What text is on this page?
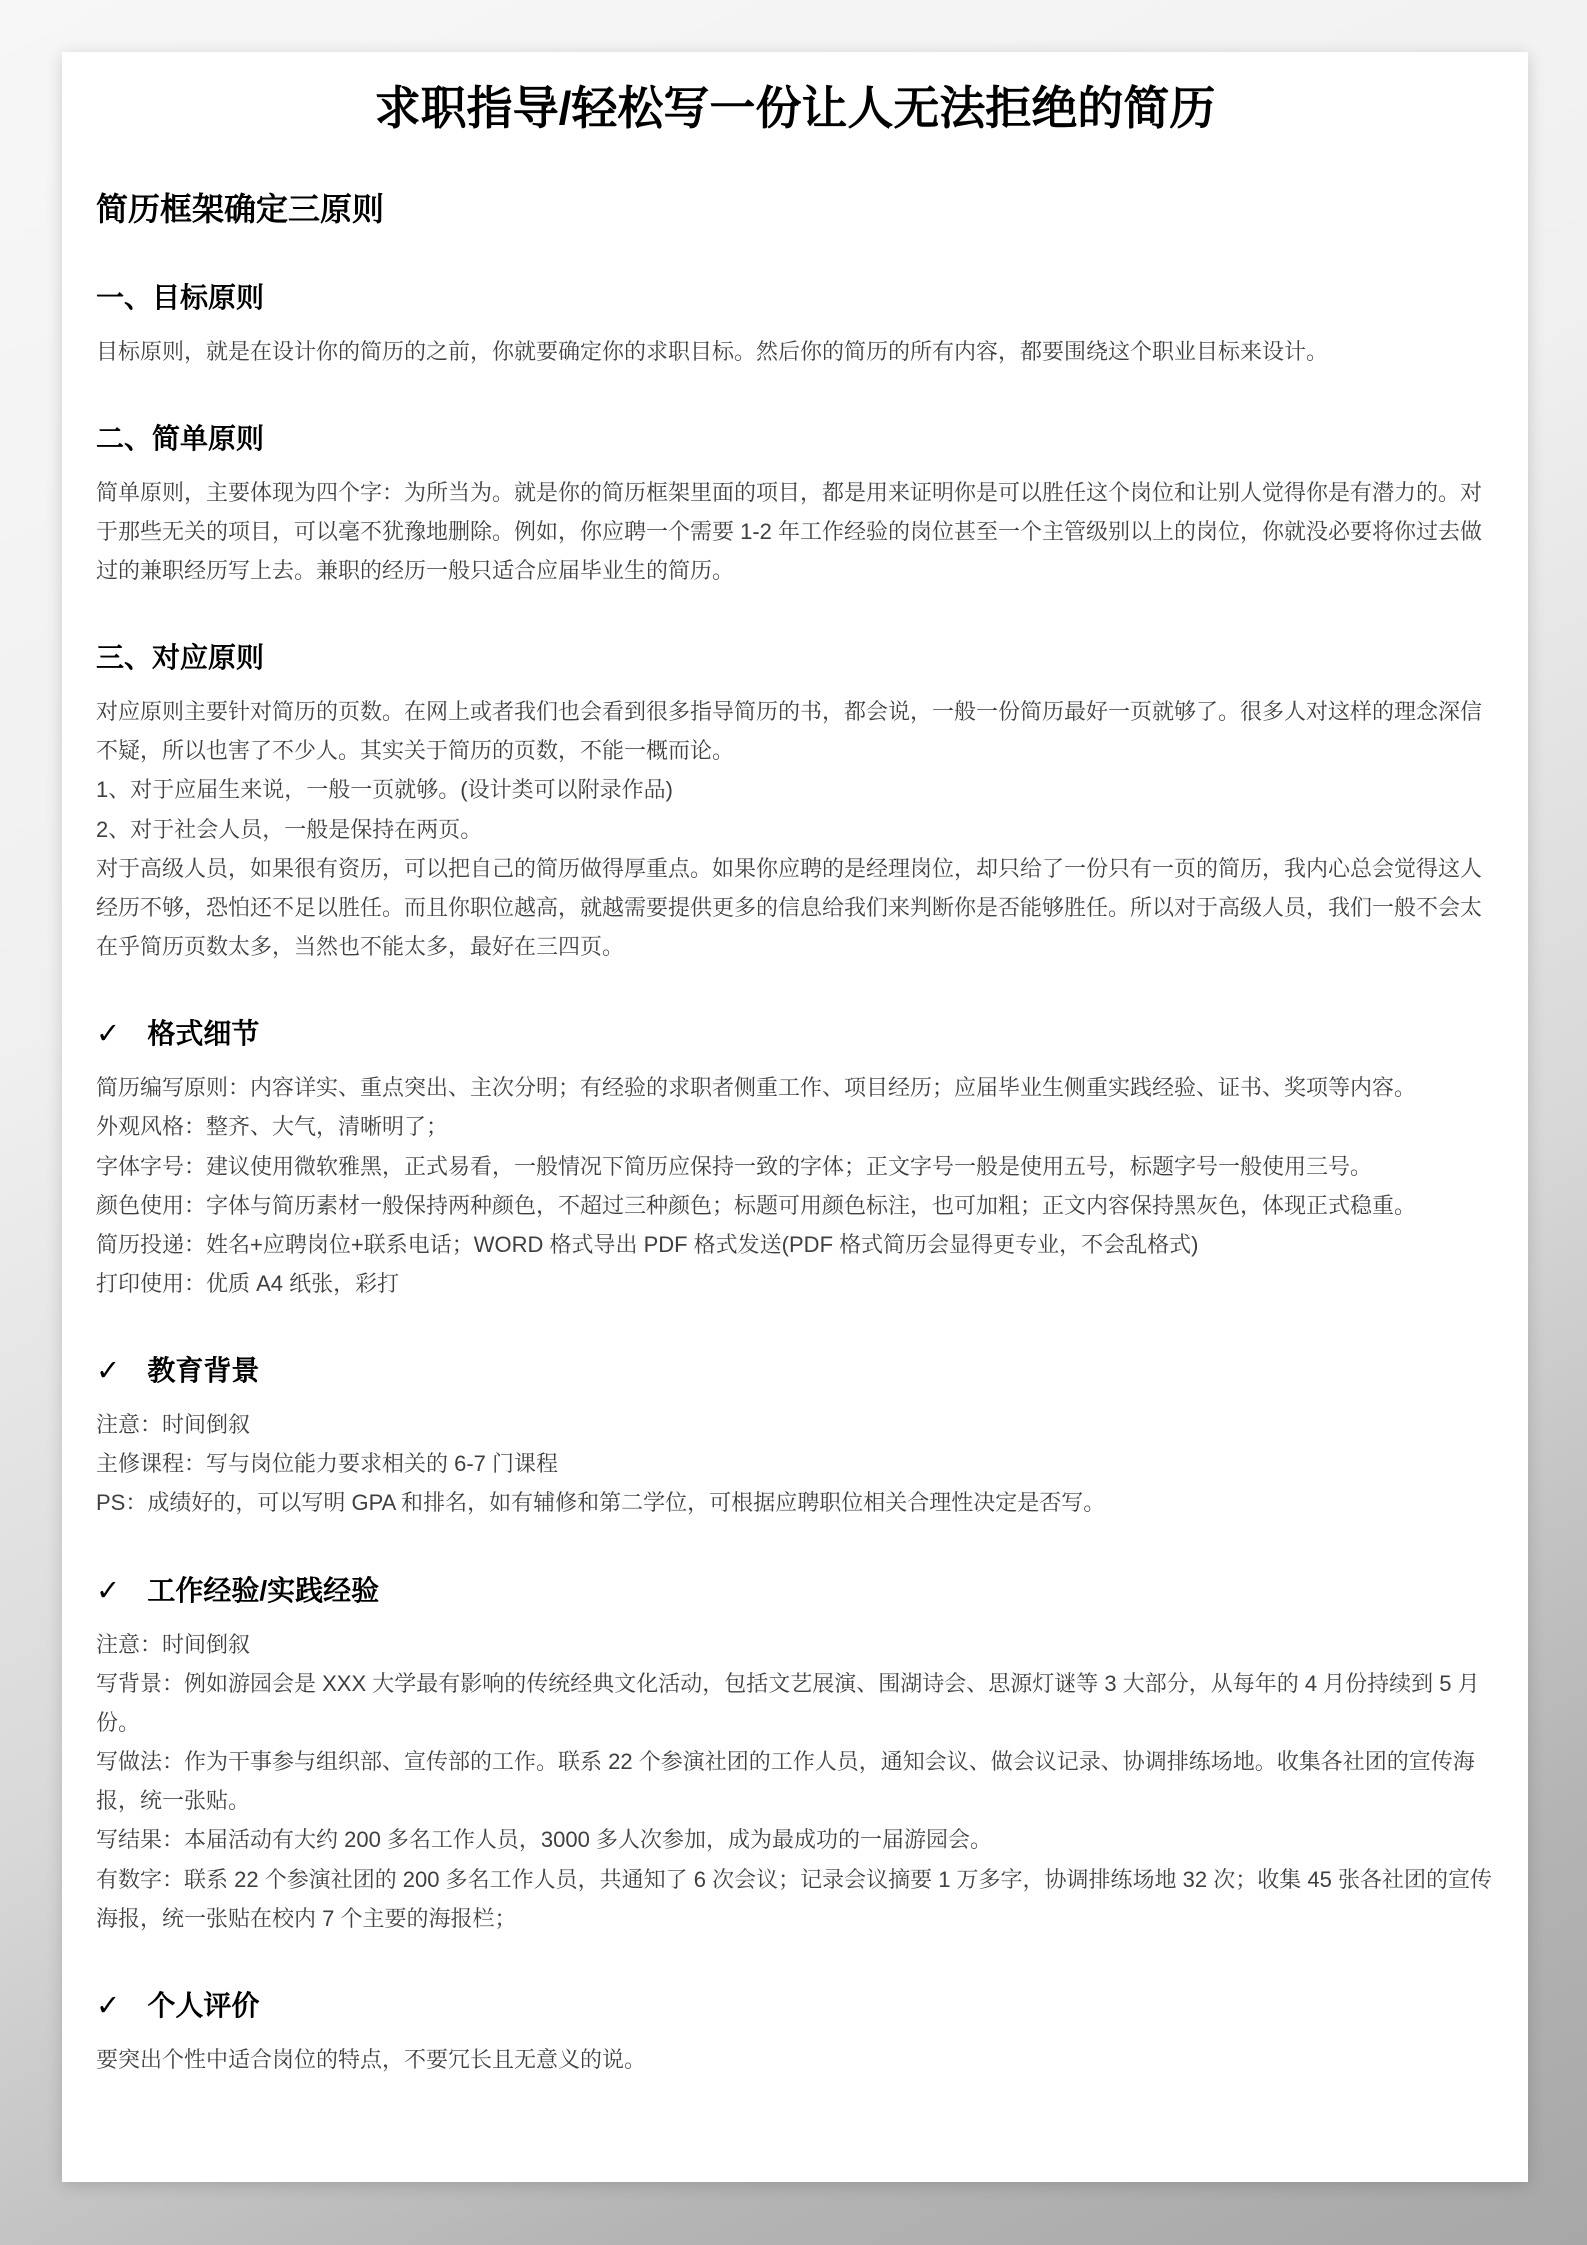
求职指导/轻松写一份让人无法拒绝的简历
简历框架确定三原则
一、目标原则

目标原则，就是在设计你的简历的之前，你就要确定你的求职目标。然后你的简历的所有内容，都要围绕这个职业目标来设计。

二、简单原则

简单原则，主要体现为四个字：为所当为。就是你的简历框架里面的项目，都是用来证明你是可以胜任这个岗位和让别人觉得你是有潜力的。对于那些无关的项目，可以毫不犹豫地删除。例如，你应聘一个需要 1-2 年工作经验的岗位甚至一个主管级别以上的岗位，你就没必要将你过去做过的兼职经历写上去。兼职的经历一般只适合应届毕业生的简历。

三、对应原则

对应原则主要针对简历的页数。在网上或者我们也会看到很多指导简历的书，都会说，一般一份简历最好一页就够了。很多人对这样的理念深信不疑，所以也害了不少人。其实关于简历的页数，不能一概而论。

1、对于应届生来说，一般一页就够。(设计类可以附录作品)

2、对于社会人员，一般是保持在两页。

对于高级人员，如果很有资历，可以把自己的简历做得厚重点。如果你应聘的是经理岗位，却只给了一份只有一页的简历，我内心总会觉得这人经历不够，恐怕还不足以胜任。而且你职位越高，就越需要提供更多的信息给我们来判断你是否能够胜任。所以对于高级人员，我们一般不会太在乎简历页数太多，当然也不能太多，最好在三四页。

✓ 格式细节

简历编写原则：内容详实、重点突出、主次分明；有经验的求职者侧重工作、项目经历；应届毕业生侧重实践经验、证书、奖项等内容。

外观风格：整齐、大气，清晰明了；

字体字号：建议使用微软雅黑，正式易看，一般情况下简历应保持一致的字体；正文字号一般是使用五号，标题字号一般使用三号。

颜色使用：字体与简历素材一般保持两种颜色，不超过三种颜色；标题可用颜色标注，也可加粗；正文内容保持黑灰色，体现正式稳重。

简历投递：姓名+应聘岗位+联系电话；WORD 格式导出 PDF 格式发送(PDF 格式简历会显得更专业，不会乱格式)

打印使用：优质 A4 纸张，彩打

✓ 教育背景

注意：时间倒叙

主修课程：写与岗位能力要求相关的 6-7 门课程

PS：成绩好的，可以写明 GPA 和排名，如有辅修和第二学位，可根据应聘职位相关合理性决定是否写。

✓ 工作经验/实践经验

注意：时间倒叙

写背景：例如游园会是 XXX 大学最有影响的传统经典文化活动，包括文艺展演、围湖诗会、思源灯谜等 3 大部分，从每年的 4 月份持续到 5 月份。

写做法：作为干事参与组织部、宣传部的工作。联系 22 个参演社团的工作人员，通知会议、做会议记录、协调排练场地。收集各社团的宣传海报，统一张贴。

写结果：本届活动有大约 200 多名工作人员，3000 多人次参加，成为最成功的一届游园会。

有数字：联系 22 个参演社团的 200 多名工作人员，共通知了 6 次会议；记录会议摘要 1 万多字，协调排练场地 32 次；收集 45 张各社团的宣传海报，统一张贴在校内 7 个主要的海报栏；

✓ 个人评价

要突出个性中适合岗位的特点，不要冗长且无意义的说。
